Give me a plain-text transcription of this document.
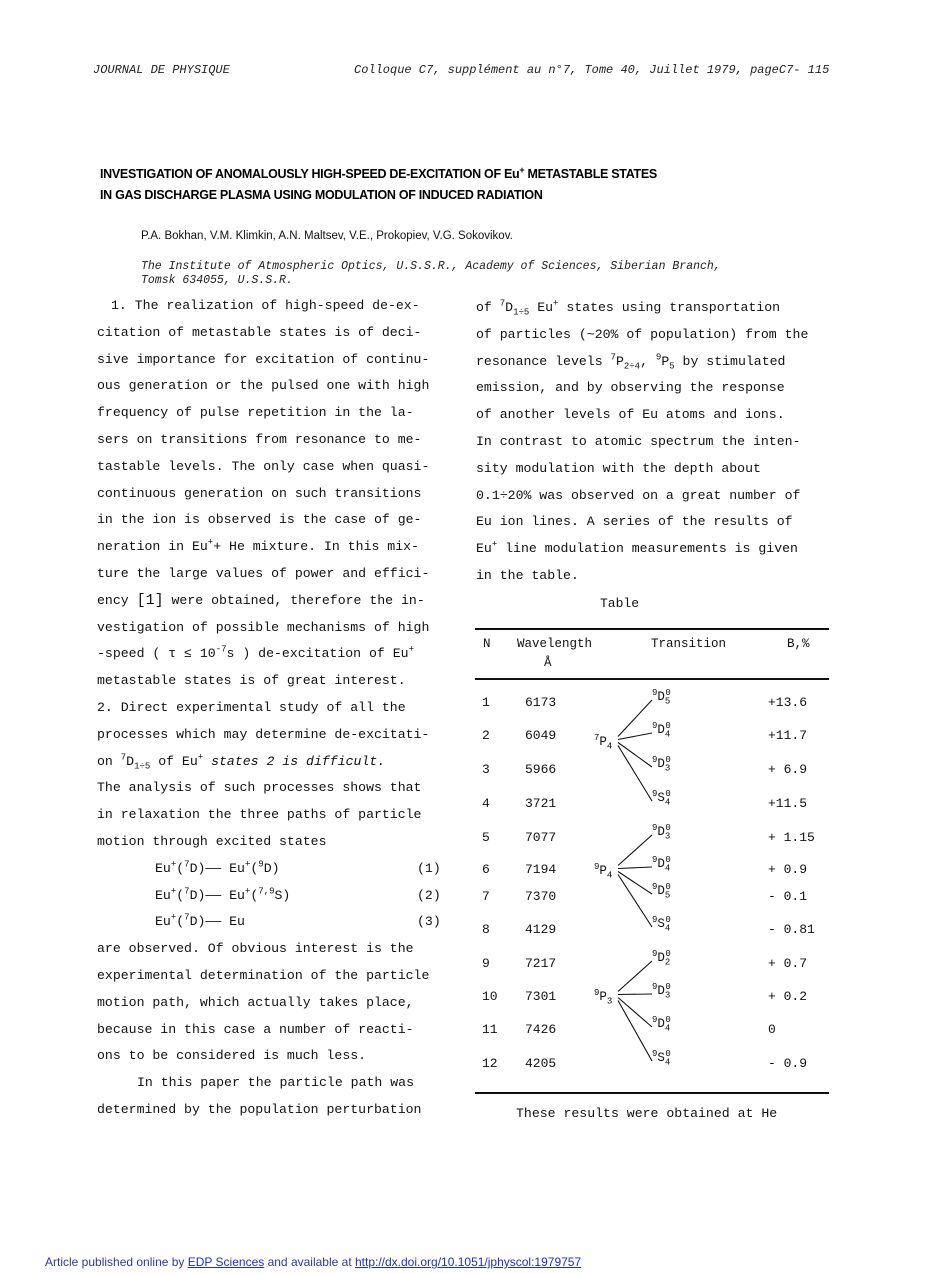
JOURNAL DE PHYSIQUE	Colloque C7, supplément au n°7, Tome 40, Juillet 1979, pageC7- 115
INVESTIGATION OF ANOMALOUSLY HIGH-SPEED DE-EXCITATION OF Eu+ METASTABLE STATES
IN GAS DISCHARGE PLASMA USING MODULATION OF INDUCED RADIATION
P.A. Bokhan, V.M. Klimkin, A.N. Maltsev, V.E., Prokopiev, V.G. Sokovikov.
The Institute of Atmospheric Optics, U.S.S.R., Academy of Sciences, Siberian Branch,
Tomsk 634055, U.S.S.R.
1. The realization of high-speed de-ex-
citation of metastable states is of deci-
sive importance for excitation of continu-
ous generation or the pulsed one with high
frequency of pulse repetition in the la-
sers on transitions from resonance to me-
tastable levels. The only case when quasi-
continuous generation on such transitions
in the ion is observed is the case of ge-
neration in Eu++ He mixture. In this mix-
ture the large values of power and effici-
ency [1] were obtained, therefore the in-
vestigation of possible mechanisms of high
-speed ( $\tau \le 10^{-7}s$ ) de-excitation of Eu+
metastable states is of great interest.
2. Direct experimental study of all the
processes which may determine de-excitati-
on $^7D_{1\div 5}$ of Eu+ states 2 is difficult.
The analysis of such processes shows that
in relaxation the three paths of particle
motion through excited states
Eu+($^7$D)—— Eu+($^9$D)	(1)
Eu+($^7$D)—— Eu+($^{7,9}$S)	(2)
Eu+($^7$D)—— Eu	(3)
are observed. Of obvious interest is the
experimental determination of the particle
motion path, which actually takes place,
because in this case a number of reacti-
ons to be considered is much less.
In this paper the particle path was
determined by the population perturbation
of $^7D_{1\div 5}$ Eu+ states using transportation
of particles (~20% of population) from the
resonance levels $^7P_{2\div 4}$, $^9P_5$ by stimulated
emission, and by observing the response
of another levels of Eu atoms and ions.
In contrast to atomic spectrum the inten-
sity modulation with the depth about
0.1÷20% was observed on a great number of
Eu ion lines. A series of the results of
Eu+ line modulation measurements is given
in the table.
Table
N Wavelength
Å
Transition	B,%
1	6173	+13.6
2	6049	+11.7
3	5966	+ 6.9
4	3721	+11.5
5	7077	+ 1.15
6	7194	+ 0.9
7	7370	- 0.1
8	4129	- 0.81
9	7217	+ 0.7
10 7301	+ 0.2
11 7426	0
12 4205	- 0.9
$^7P_4$
$^9D_5^0$
$^9D_4^0$
$^9D_3^0$
$^9S_4^0$
$^9P_4$
$^9D_3^0$
$^9D_4^0$
$^9D_5^0$
$^9S_4^0$
$^9P_3$
$^9D_2^0$
$^9D_3^0$
$^9D_4^0$
$^9S_4^0$
These results were obtained at He
Article published online by EDP Sciences and available at http://dx.doi.org/10.1051/jphyscol:1979757
